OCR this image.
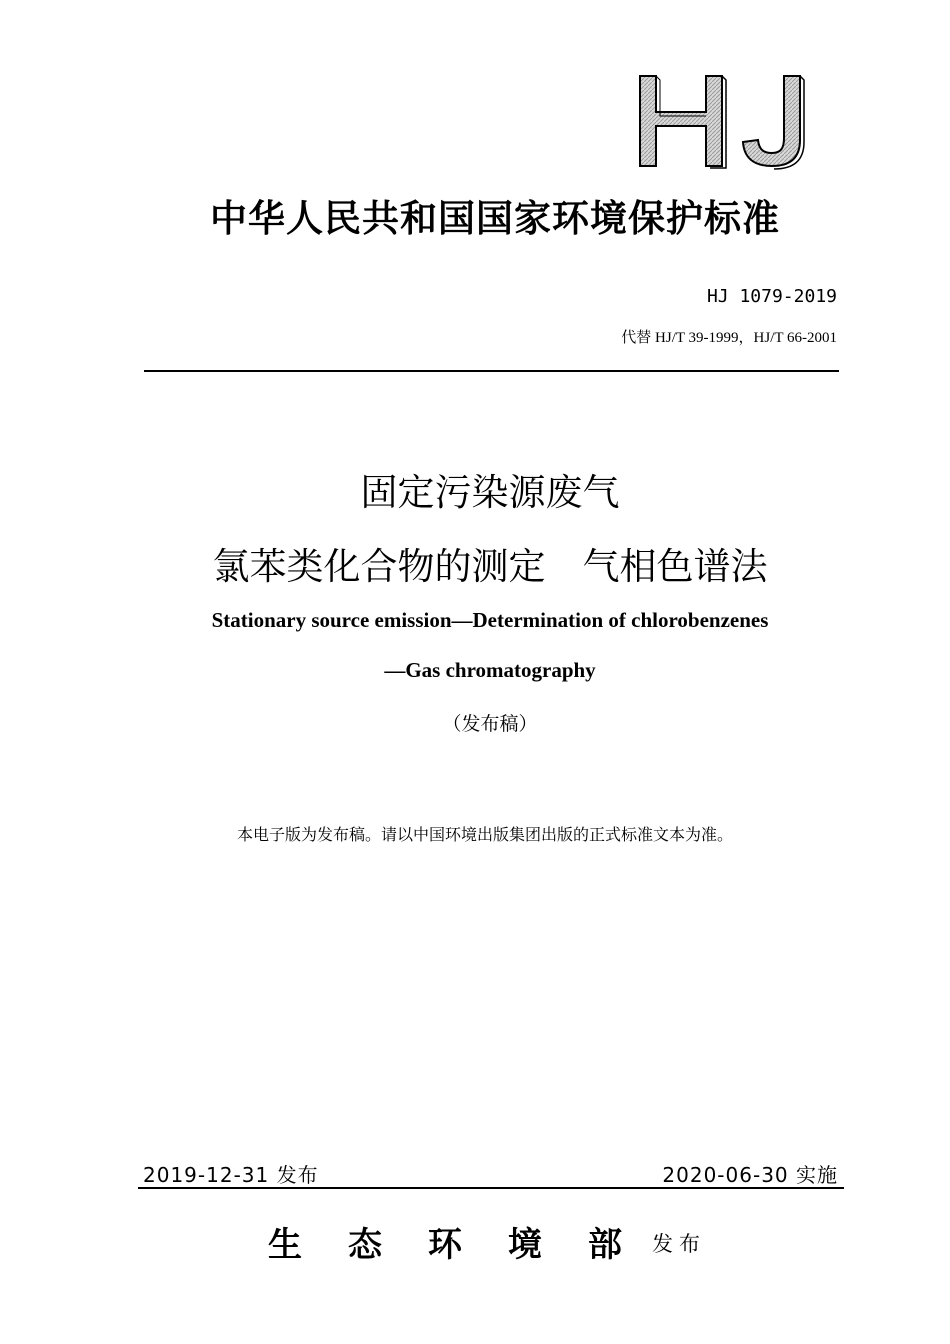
中华人民共和国国家环境保护标准
HJ 1079-2019
代替 HJ/T 39-1999，HJ/T 66-2001
固定污染源废气
氯苯类化合物的测定　气相色谱法
Stationary source emission—Determination of chlorobenzenes
—Gas chromatography
（发布稿）
本电子版为发布稿。请以中国环境出版集团出版的正式标准文本为准。
2019-12-31 发布	2020-06-30 实施
生态环境部
发布
